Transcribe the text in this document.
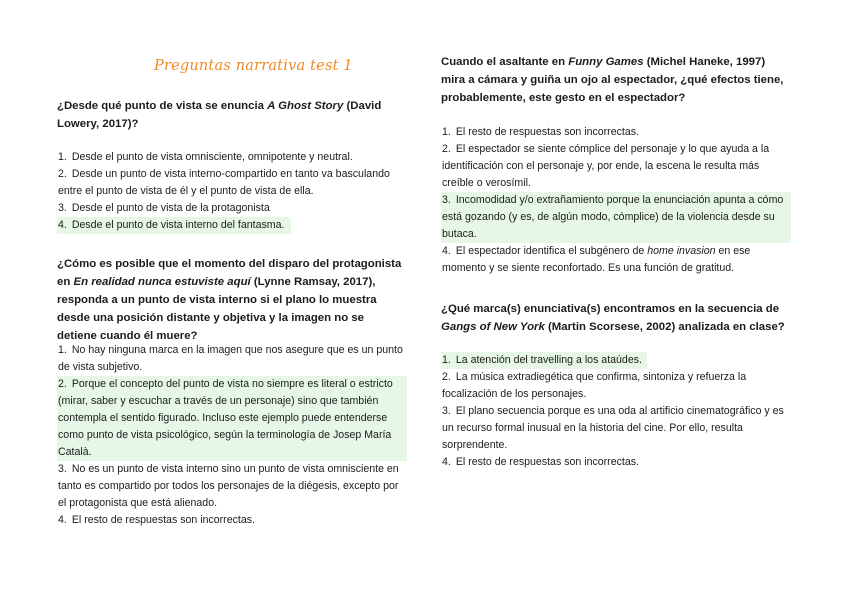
Preguntas narrativa test 1

¿Desde qué punto de vista se enuncia A Ghost Story (David Lowery, 2017)?

1. Desde el punto de vista omnisciente, omnipotente y neutral.
2. Desde un punto de vista interno-compartido en tanto va basculando entre el punto de vista de él y el punto de vista de ella.
3. Desde el punto de vista de la protagonista
4. Desde el punto de vista interno del fantasma.

¿Cómo es posible que el momento del disparo del protagonista en En realidad nunca estuviste aquí (Lynne Ramsay, 2017), responda a un punto de vista interno si el plano lo muestra desde una posición distante y objetiva y la imagen no se detiene cuando él muere?

1. No hay ninguna marca en la imagen que nos asegure que es un punto de vista subjetivo.
2. Porque el concepto del punto de vista no siempre es literal o estricto (mirar, saber y escuchar a través de un personaje) sino que también contempla el sentido figurado. Incluso este ejemplo puede entenderse como punto de vista psicológico, según la terminología de Josep María Català.
3. No es un punto de vista interno sino un punto de vista omnisciente en tanto es compartido por todos los personajes de la diégesis, excepto por el protagonista que está alienado.
4. El resto de respuestas son incorrectas.

Cuando el asaltante en Funny Games (Michel Haneke, 1997) mira a cámara y guiña un ojo al espectador, ¿qué efectos tiene, probablemente, este gesto en el espectador?

1. El resto de respuestas son incorrectas.
2. El espectador se siente cómplice del personaje y lo que ayuda a la identificación con el personaje y, por ende, la escena le resulta más creíble o verosímil.
3. Incomodidad y/o extrañamiento porque la enunciación apunta a cómo está gozando (y es, de algún modo, cómplice) de la violencia desde su butaca.
4. El espectador identifica el subgénero de home invasion en ese momento y se siente reconfortado. Es una función de gratitud.

¿Qué marca(s) enunciativa(s) encontramos en la secuencia de Gangs of New York (Martin Scorsese, 2002) analizada en clase?

1. La atención del travelling a los ataúdes.
2. La música extradiegética que confirma, sintoniza y refuerza la focalización de los personajes.
3. El plano secuencia porque es una oda al artificio cinematográfico y es un recurso formal inusual en la historia del cine. Por ello, resulta sorprendente.
4. El resto de respuestas son incorrectas.
